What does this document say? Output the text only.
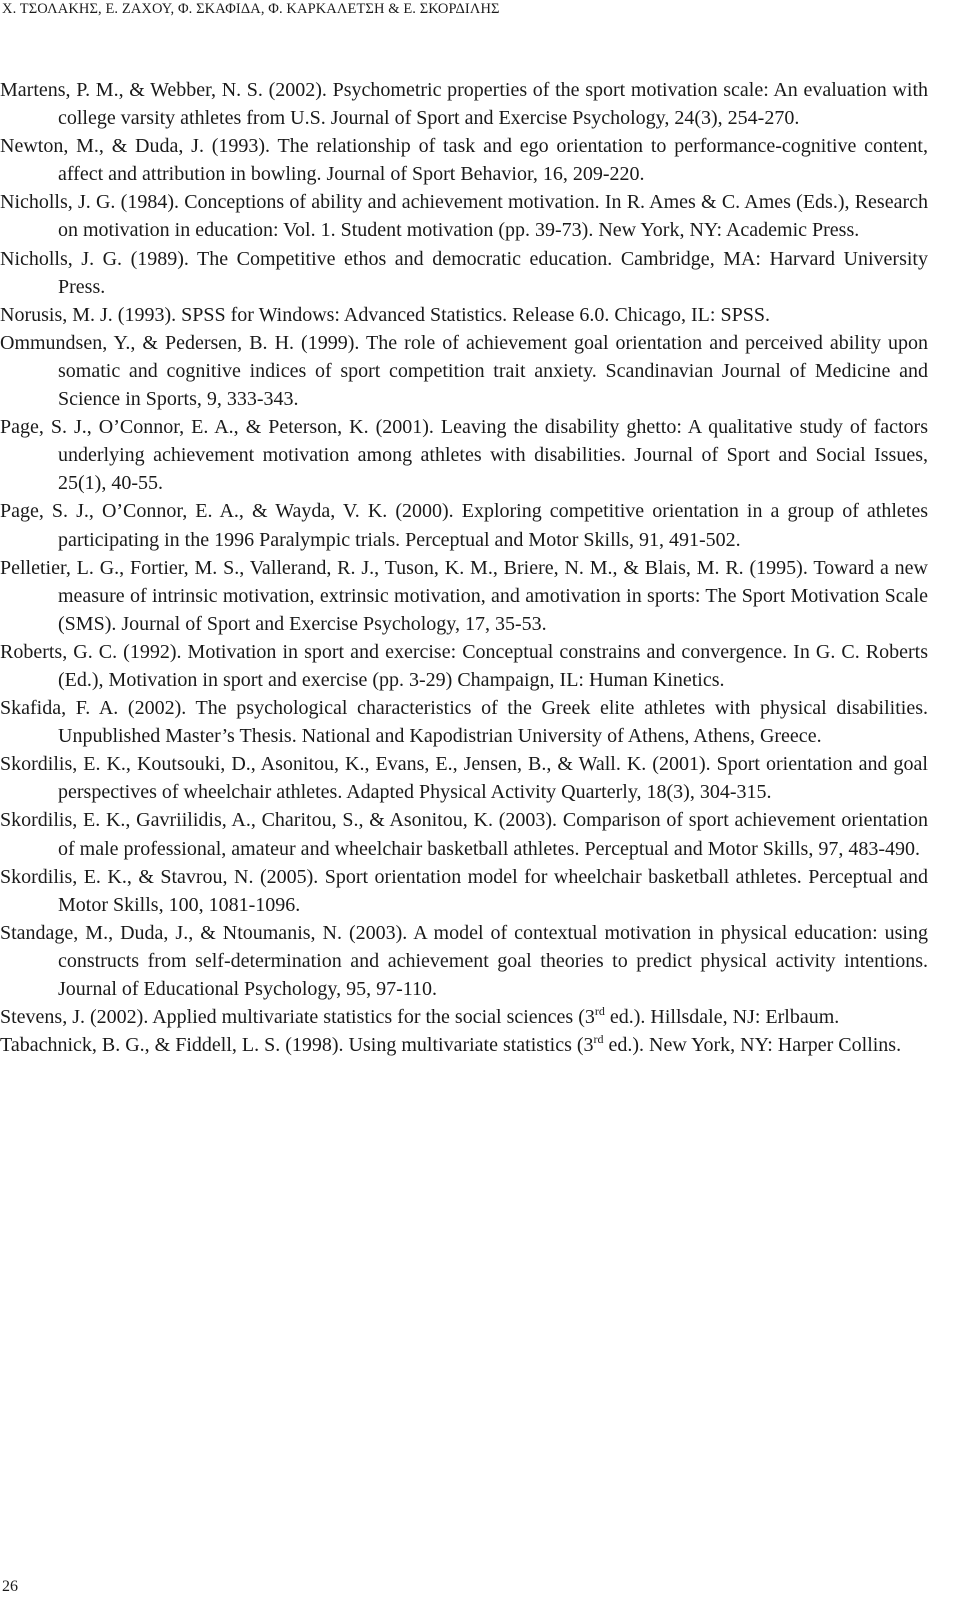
Χ. ΤΣΟΛΑΚΗΣ, Ε. ΖΑΧΟΥ, Φ. ΣΚΑΦΙΔΑ, Φ. ΚΑΡΚΑΛΕΤΣΗ & Ε. ΣΚΟΡΔΙΛΗΣ

Martens, P. M., & Webber, N. S. (2002). Psychometric properties of the sport motivation scale: An evaluation with college varsity athletes from U.S. Journal of Sport and Exercise Psychology, 24(3), 254-270.

Newton, M., & Duda, J. (1993). The relationship of task and ego orientation to performance-cognitive content, affect and attribution in bowling. Journal of Sport Behavior, 16, 209-220.

Nicholls, J. G. (1984). Conceptions of ability and achievement motivation. In R. Ames & C. Ames (Eds.), Research on motivation in education: Vol. 1. Student motivation (pp. 39-73). New York, NY: Academic Press.

Nicholls, J. G. (1989). The Competitive ethos and democratic education. Cambridge, MA: Harvard University Press.

Norusis, M. J. (1993). SPSS for Windows: Advanced Statistics. Release 6.0. Chicago, IL: SPSS.

Ommundsen, Y., & Pedersen, B. H. (1999). The role of achievement goal orientation and perceived ability upon somatic and cognitive indices of sport competition trait anxiety. Scandinavian Journal of Medicine and Science in Sports, 9, 333-343.

Page, S. J., O’Connor, E. A., & Peterson, K. (2001). Leaving the disability ghetto: A qualitative study of factors underlying achievement motivation among athletes with disabilities. Journal of Sport and Social Issues, 25(1), 40-55.

Page, S. J., O’Connor, E. A., & Wayda, V. K. (2000). Exploring competitive orientation in a group of athletes participating in the 1996 Paralympic trials. Perceptual and Motor Skills, 91, 491-502.

Pelletier, L. G., Fortier, M. S., Vallerand, R. J., Tuson, K. M., Briere, N. M., & Blais, M. R. (1995). Toward a new measure of intrinsic motivation, extrinsic motivation, and amotivation in sports: The Sport Motivation Scale (SMS). Journal of Sport and Exercise Psychology, 17, 35-53.

Roberts, G. C. (1992). Motivation in sport and exercise: Conceptual constrains and convergence. In G. C. Roberts (Ed.), Motivation in sport and exercise (pp. 3-29) Champaign, IL: Human Kinetics.

Skafida, F. A. (2002). The psychological characteristics of the Greek elite athletes with physical disabilities. Unpublished Master’s Thesis. National and Kapodistrian University of Athens, Athens, Greece.

Skordilis, E. K., Koutsouki, D., Asonitou, K., Evans, E., Jensen, B., & Wall. K. (2001). Sport orientation and goal perspectives of wheelchair athletes. Adapted Physical Activity Quarterly, 18(3), 304-315.

Skordilis, E. K., Gavriilidis, A., Charitou, S., & Asonitou, K. (2003). Comparison of sport achievement orientation of male professional, amateur and wheelchair basketball athletes. Perceptual and Motor Skills, 97, 483-490.

Skordilis, E. K., & Stavrou, N. (2005). Sport orientation model for wheelchair basketball athletes. Perceptual and Motor Skills, 100, 1081-1096.

Standage, M., Duda, J., & Ntoumanis, N. (2003). A model of contextual motivation in physical education: using constructs from self-determination and achievement goal theories to predict physical activity intentions. Journal of Educational Psychology, 95, 97-110.

Stevens, J. (2002). Applied multivariate statistics for the social sciences (3rd ed.). Hillsdale, NJ: Erlbaum.

Tabachnick, B. G., & Fiddell, L. S. (1998). Using multivariate statistics (3rd ed.). New York, NY: Harper Collins.

26
